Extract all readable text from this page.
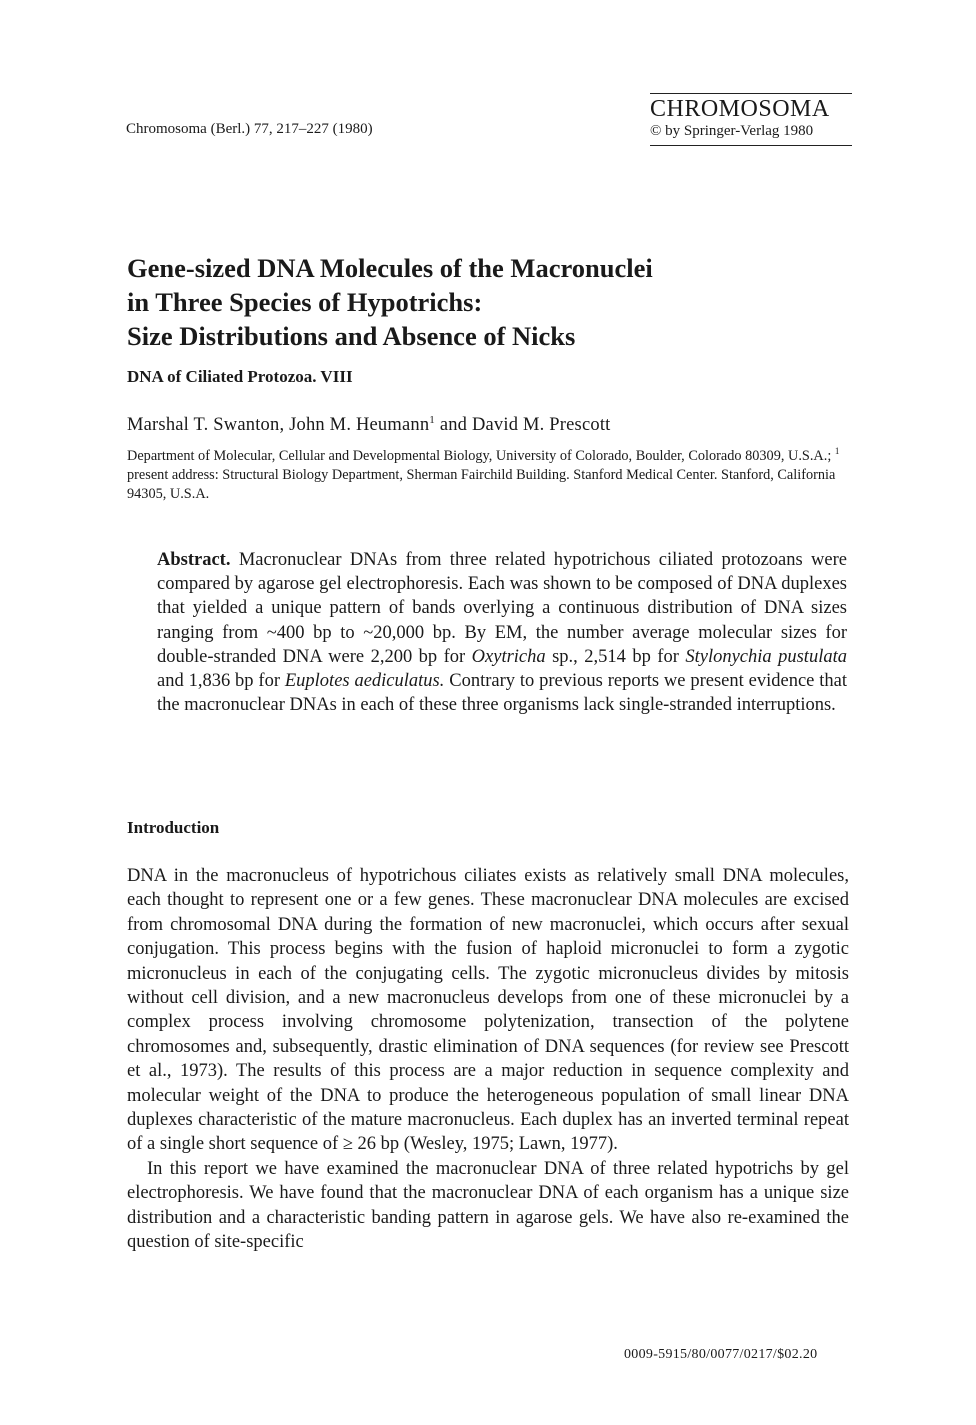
Chromosoma (Berl.) 77, 217–227 (1980)
CHROMOSOMA
© by Springer-Verlag 1980
Gene-sized DNA Molecules of the Macronuclei
in Three Species of Hypotrichs:
Size Distributions and Absence of Nicks
DNA of Ciliated Protozoa. VIII
Marshal T. Swanton, John M. Heumann$^1$ and David M. Prescott
Department of Molecular, Cellular and Developmental Biology, University of Colorado, Boulder, Colorado 80309, U.S.A.; $^1$ present address: Structural Biology Department, Sherman Fairchild Building. Stanford Medical Center. Stanford, California 94305, U.S.A.
Abstract. Macronuclear DNAs from three related hypotrichous ciliated protozoans were compared by agarose gel electrophoresis. Each was shown to be composed of DNA duplexes that yielded a unique pattern of bands overlying a continuous distribution of DNA sizes ranging from ~400 bp to ~20,000 bp. By EM, the number average molecular sizes for double-stranded DNA were 2,200 bp for Oxytricha sp., 2,514 bp for Stylonychia pustulata and 1,836 bp for Euplotes aediculatus. Contrary to previous reports we present evidence that the macronuclear DNAs in each of these three organisms lack single-stranded interruptions.
Introduction

DNA in the macronucleus of hypotrichous ciliates exists as relatively small DNA molecules, each thought to represent one or a few genes. These macronuclear DNA molecules are excised from chromosomal DNA during the formation of new macronuclei, which occurs after sexual conjugation. This process begins with the fusion of haploid micronuclei to form a zygotic micronucleus in each of the conjugating cells. The zygotic micronucleus divides by mitosis without cell division, and a new macronucleus develops from one of these micronuclei by a complex process involving chromosome polytenization, transection of the polytene chromosomes and, subsequently, drastic elimination of DNA sequences (for review see Prescott et al., 1973). The results of this process are a major reduction in sequence complexity and molecular weight of the DNA to produce the heterogeneous population of small linear DNA duplexes characteristic of the mature macronucleus. Each duplex has an inverted terminal repeat of a single short sequence of ≥ 26 bp (Wesley, 1975; Lawn, 1977).

In this report we have examined the macronuclear DNA of three related hypotrichs by gel electrophoresis. We have found that the macronuclear DNA of each organism has a unique size distribution and a characteristic banding pattern in agarose gels. We have also re-examined the question of site-specific

0009-5915/80/0077/0217/$02.20
